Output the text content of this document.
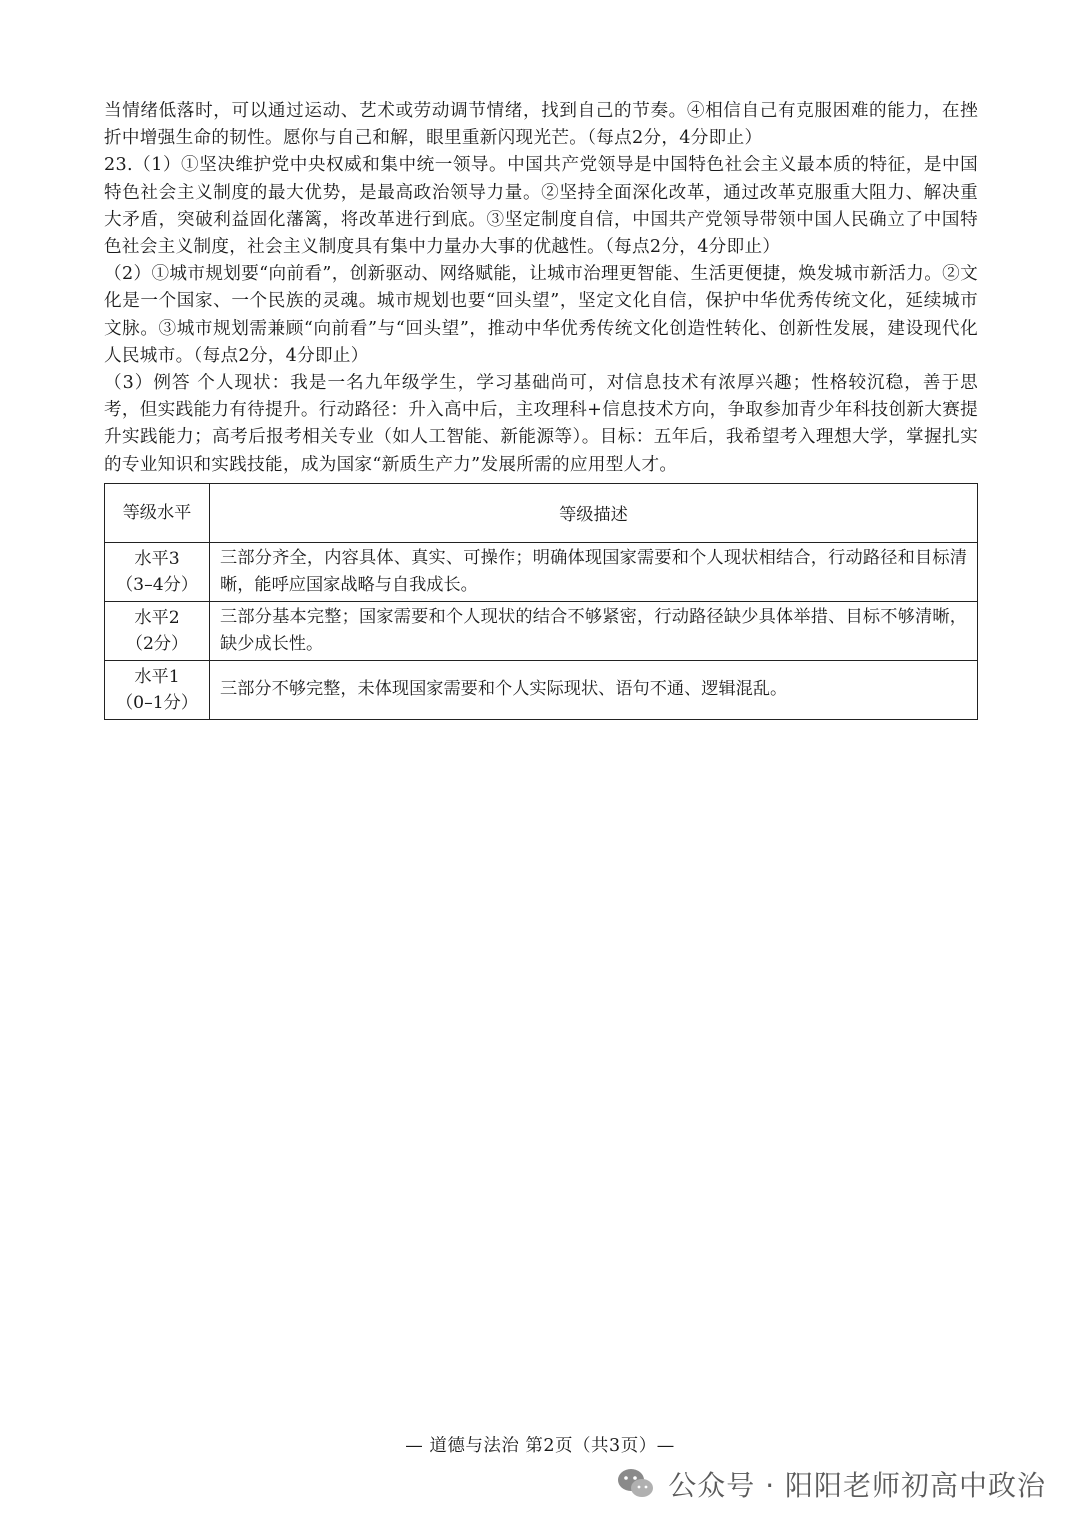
当情绪低落时，可以通过运动、艺术或劳动调节情绪，找到自己的节奏。④相信自己有克服困难的能力，在挫折中增强生命的韧性。愿你与自己和解，眼里重新闪现光芒。（每点2分，4分即止）

23.（1）①坚决维护党中央权威和集中统一领导。中国共产党领导是中国特色社会主义最本质的特征，是中国特色社会主义制度的最大优势，是最高政治领导力量。②坚持全面深化改革，通过改革克服重大阻力、解决重大矛盾，突破利益固化藩篱，将改革进行到底。③坚定制度自信，中国共产党领导带领中国人民确立了中国特色社会主义制度，社会主义制度具有集中力量办大事的优越性。（每点2分，4分即止）

（2）①城市规划要“向前看”，创新驱动、网络赋能，让城市治理更智能、生活更便捷，焕发城市新活力。②文化是一个国家、一个民族的灵魂。城市规划也要“回头望”，坚定文化自信，保护中华优秀传统文化，延续城市文脉。③城市规划需兼顾“向前看”与“回头望”，推动中华优秀传统文化创造性转化、创新性发展，建设现代化人民城市。（每点2分，4分即止）

（3）例答 个人现状：我是一名九年级学生，学习基础尚可，对信息技术有浓厚兴趣；性格较沉稳，善于思考，但实践能力有待提升。行动路径：升入高中后，主攻理科+信息技术方向，争取参加青少年科技创新大赛提升实践能力；高考后报考相关专业（如人工智能、新能源等）。目标：五年后，我希望考入理想大学，掌握扎实的专业知识和实践技能，成为国家“新质生产力”发展所需的应用型人才。

等级水平	等级描述

水平3
（3–4分）	三部分齐全，内容具体、真实、可操作；明确体现国家需要和个人现状相结合，行动路径和目标清晰，能呼应国家战略与自我成长。

水平2
（2分）	三部分基本完整；国家需要和个人现状的结合不够紧密，行动路径缺少具体举措、目标不够清晰，缺少成长性。

水平1
（0–1分）	三部分不够完整，未体现国家需要和个人实际现状、语句不通、逻辑混乱。
— 道德与法治 第2页（共3页）—
公众号 · 阳阳老师初高中政治
